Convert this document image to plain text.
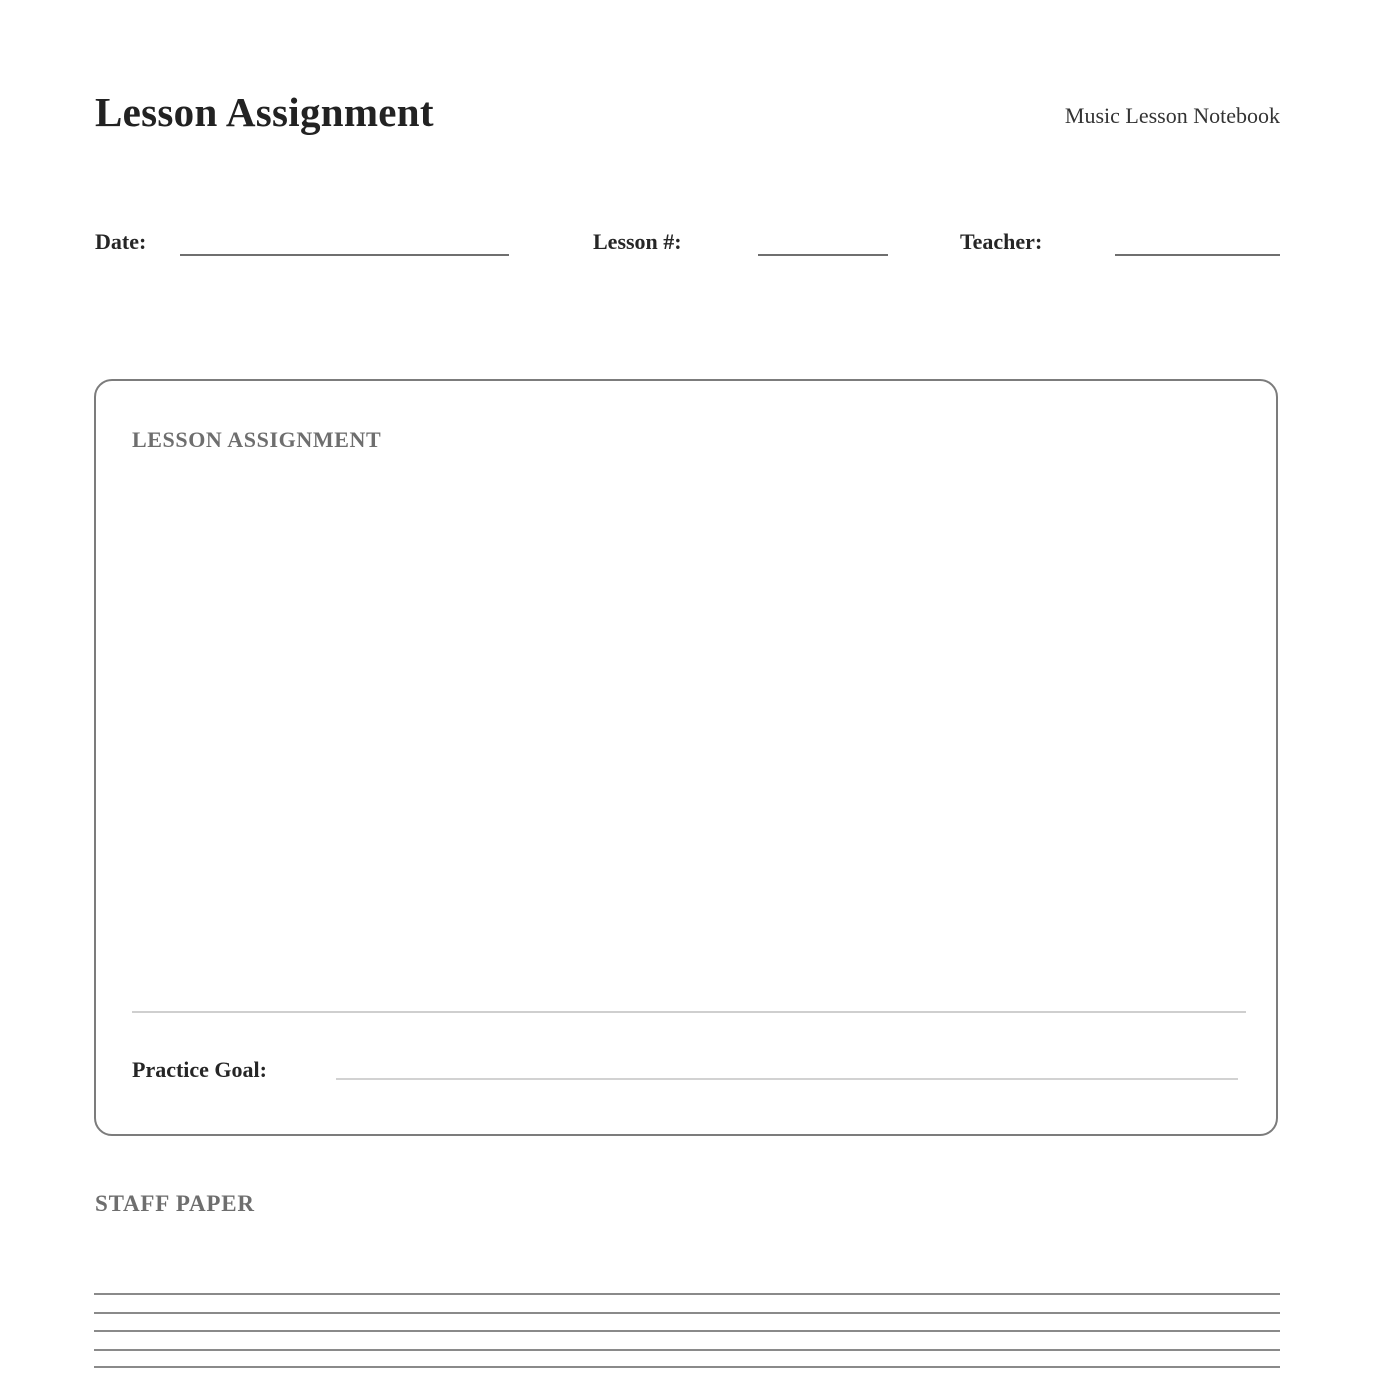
Lesson Assignment	Music Lesson Notebook
Date:	Lesson #:	Teacher:
LESSON ASSIGNMENT
Practice Goal:
STAFF PAPER
